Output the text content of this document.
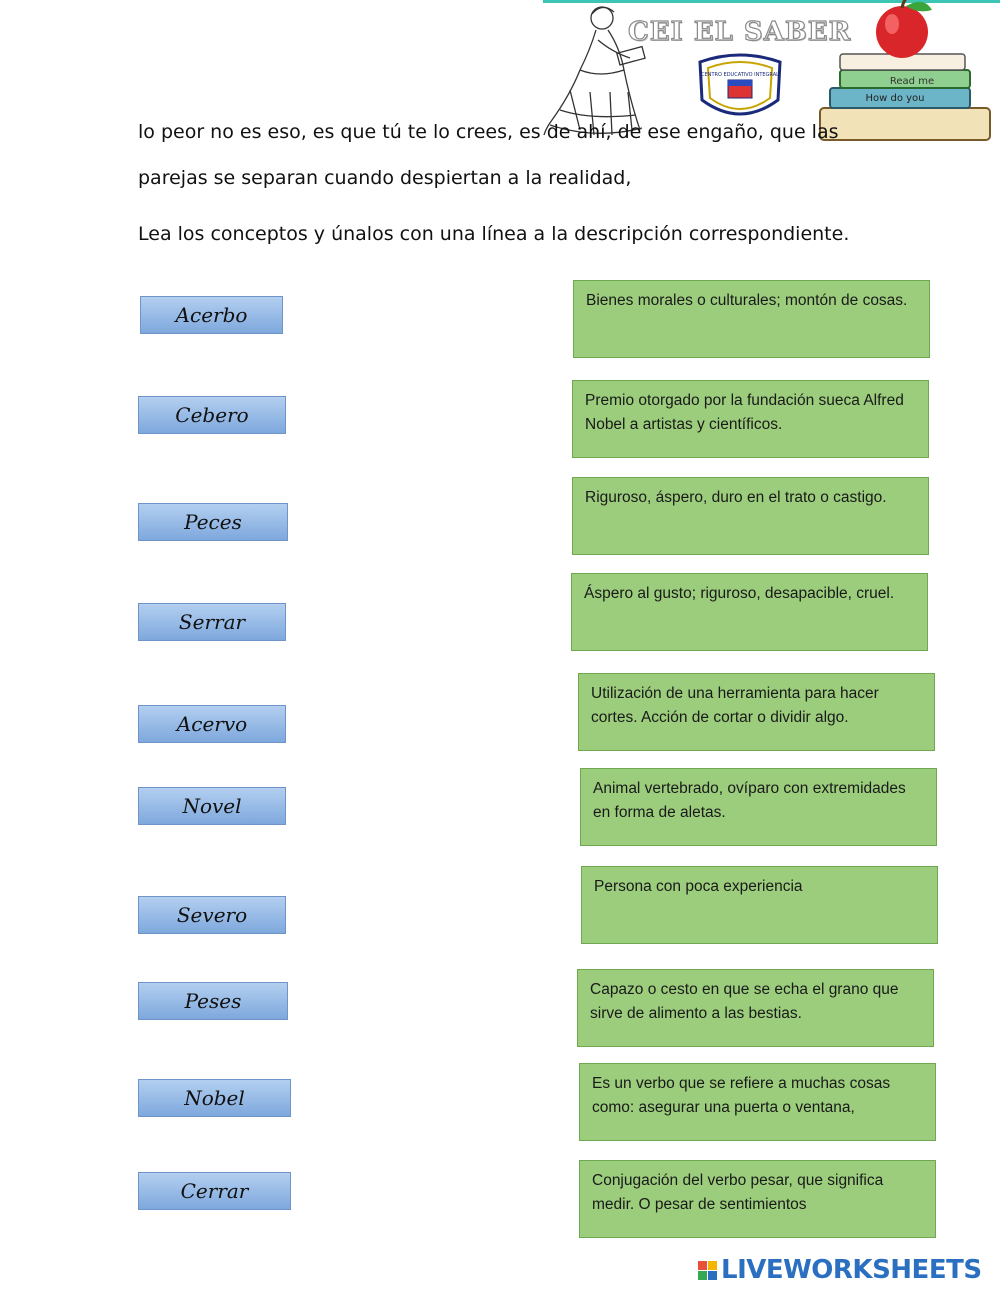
CENTRO EDUCATIVO INTEGRAL
Read me
How do you
CEI EL SABER
lo peor no es eso, es que tú te lo crees, es de ahí, de ese engaño, que las
parejas se separan cuando despiertan a la realidad,
Lea los conceptos y únalos con una línea a la descripción correspondiente.
Acerbo
Cebero
Peces
Serrar
Acervo
Novel
Severo
Peses
Nobel
Cerrar
Bienes morales o culturales; montón de cosas.
Premio otorgado por la fundación sueca Alfred Nobel a artistas y científicos.
Riguroso, áspero, duro en el trato o castigo.
Áspero al gusto; riguroso, desapacible, cruel.
Utilización de una herramienta para hacer cortes. Acción de cortar o dividir algo.
Animal vertebrado, ovíparo con extremidades en forma de aletas.
Persona con poca experiencia
Capazo o cesto en que se echa el grano que sirve de alimento a las bestias.
Es un verbo que se refiere a muchas cosas como: asegurar una puerta o ventana,
Conjugación del verbo pesar, que significa medir. O pesar de sentimientos
LIVEWORKSHEETS
